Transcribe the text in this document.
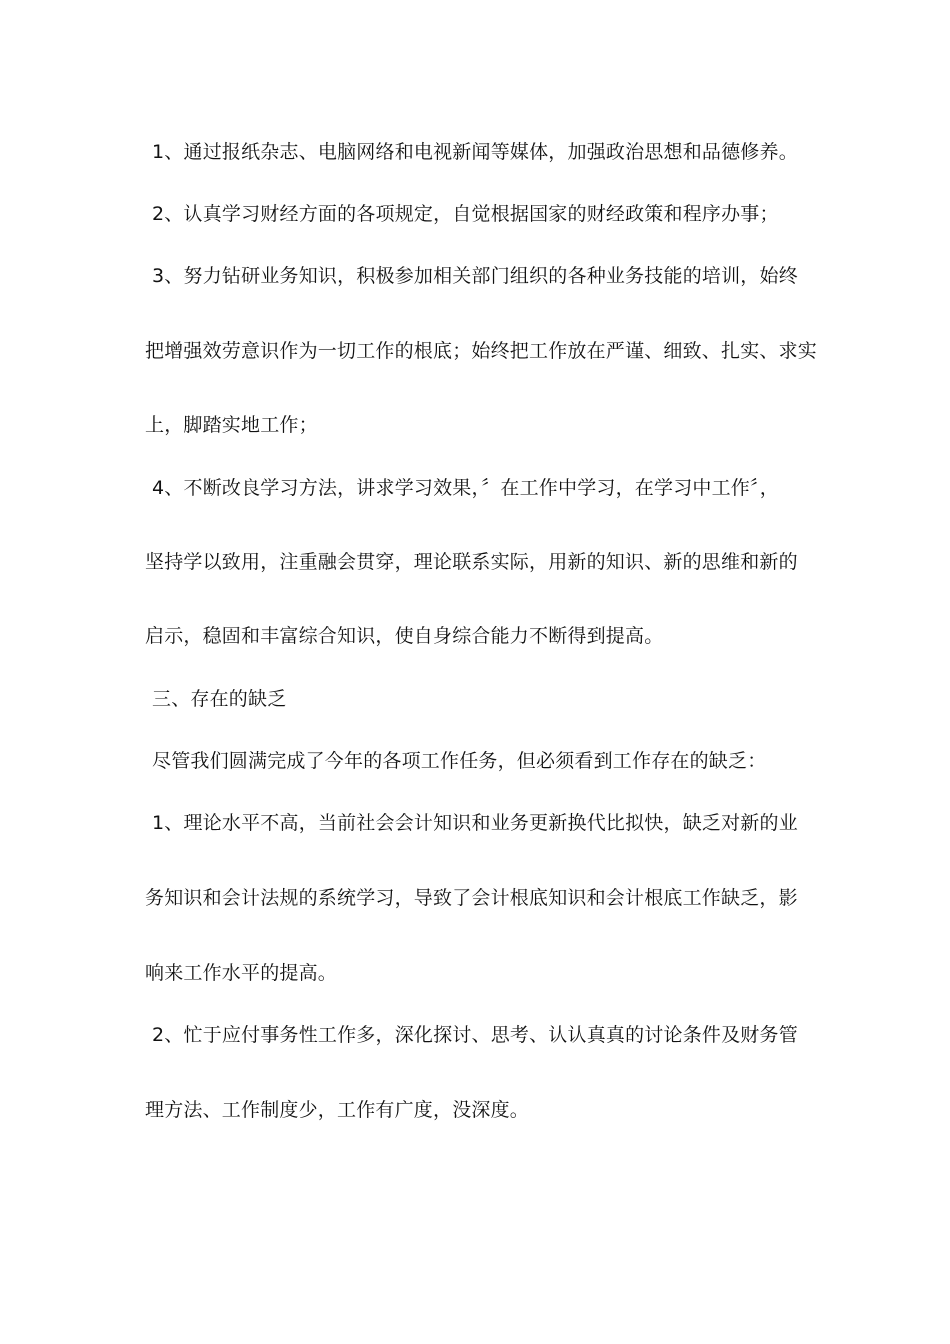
1、通过报纸杂志、电脑网络和电视新闻等媒体，加强政治思想和品德修养。
2、认真学习财经方面的各项规定，自觉根据国家的财经政策和程序办事；
3、努力钻研业务知识，积极参加相关部门组织的各种业务技能的培训，始终
把增强效劳意识作为一切工作的根底；始终把工作放在严谨、细致、扎实、求实
上，脚踏实地工作；
4、不断改良学习方法，讲求学习效果，〞在工作中学习，在学习中工作〞，
坚持学以致用，注重融会贯穿，理论联系实际，用新的知识、新的思维和新的
启示，稳固和丰富综合知识，使自身综合能力不断得到提高。
三、存在的缺乏
尽管我们圆满完成了今年的各项工作任务，但必须看到工作存在的缺乏：
1、理论水平不高，当前社会会计知识和业务更新换代比拟快，缺乏对新的业
务知识和会计法规的系统学习，导致了会计根底知识和会计根底工作缺乏，影
响来工作水平的提高。
2、忙于应付事务性工作多，深化探讨、思考、认认真真的讨论条件及财务管
理方法、工作制度少，工作有广度，没深度。
